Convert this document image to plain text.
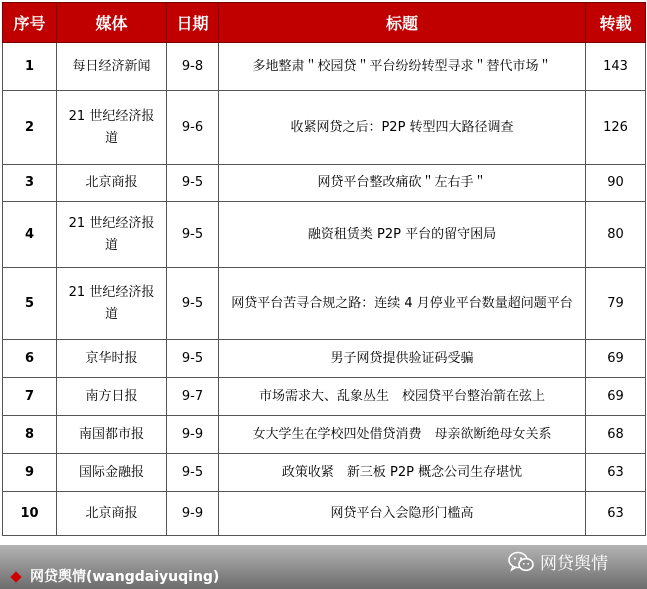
序号	媒体	日期	标题	转载
1	每日经济新闻	9-8	多地整肃＂校园贷＂平台纷纷转型寻求＂替代市场＂	143
2	21 世纪经济报道	9-6	收紧网贷之后：P2P 转型四大路径调查	126
3	北京商报	9-5	网贷平台整改痛砍＂左右手＂	90
4	21 世纪经济报道	9-5	融资租赁类 P2P 平台的留守困局	80
5	21 世纪经济报道	9-5	网贷平台苦寻合规之路：连续 4 月停业平台数量超问题平台	79
6	京华时报	9-5	男子网贷提供验证码受骗	69
7	南方日报	9-7	市场需求大、乱象丛生　校园贷平台整治箭在弦上	69
8	南国都市报	9-9	女大学生在学校四处借贷消费　母亲欲断绝母女关系	68
9	国际金融报	9-5	政策收紧　新三板 P2P 概念公司生存堪忧	63
10	北京商报	9-9	网贷平台入会隐形门槛高	63
网贷舆情(wangdaiyuqing)
网贷舆情
